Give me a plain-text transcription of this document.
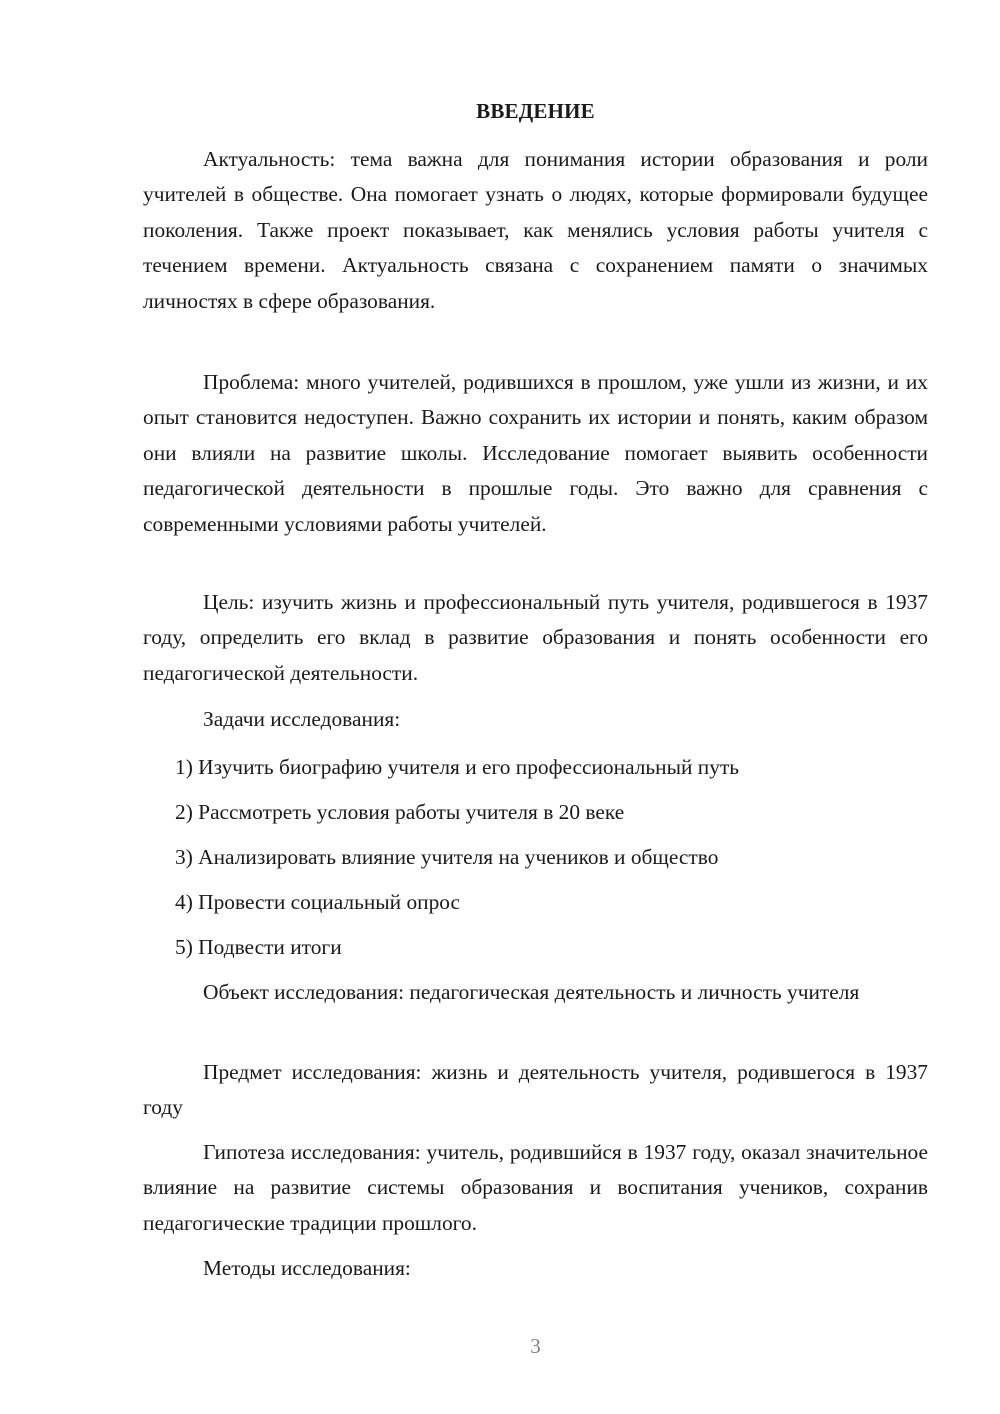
ВВЕДЕНИЕ

Актуальность: тема важна для понимания истории образования и роли учителей в обществе. Она помогает узнать о людях, которые формировали будущее поколения. Также проект показывает, как менялись условия работы учителя с течением времени. Актуальность связана с сохранением памяти о значимых личностях в сфере образования.

Проблема: много учителей, родившихся в прошлом, уже ушли из жизни, и их опыт становится недоступен. Важно сохранить их истории и понять, каким образом они влияли на развитие школы. Исследование помогает выявить особенности педагогической деятельности в прошлые годы. Это важно для сравнения с современными условиями работы учителей.

Цель: изучить жизнь и профессиональный путь учителя, родившегося в 1937 году, определить его вклад в развитие образования и понять особенности его педагогической деятельности.

Задачи исследования:

1) Изучить биографию учителя и его профессиональный путь
2) Рассмотреть условия работы учителя в 20 веке
3) Анализировать влияние учителя на учеников и общество
4) Провести социальный опрос
5) Подвести итоги

Объект исследования: педагогическая деятельность и личность учителя

Предмет исследования: жизнь и деятельность учителя, родившегося в 1937 году

Гипотеза исследования: учитель, родившийся в 1937 году, оказал значительное влияние на развитие системы образования и воспитания учеников, сохранив педагогические традиции прошлого.

Методы исследования:

3
